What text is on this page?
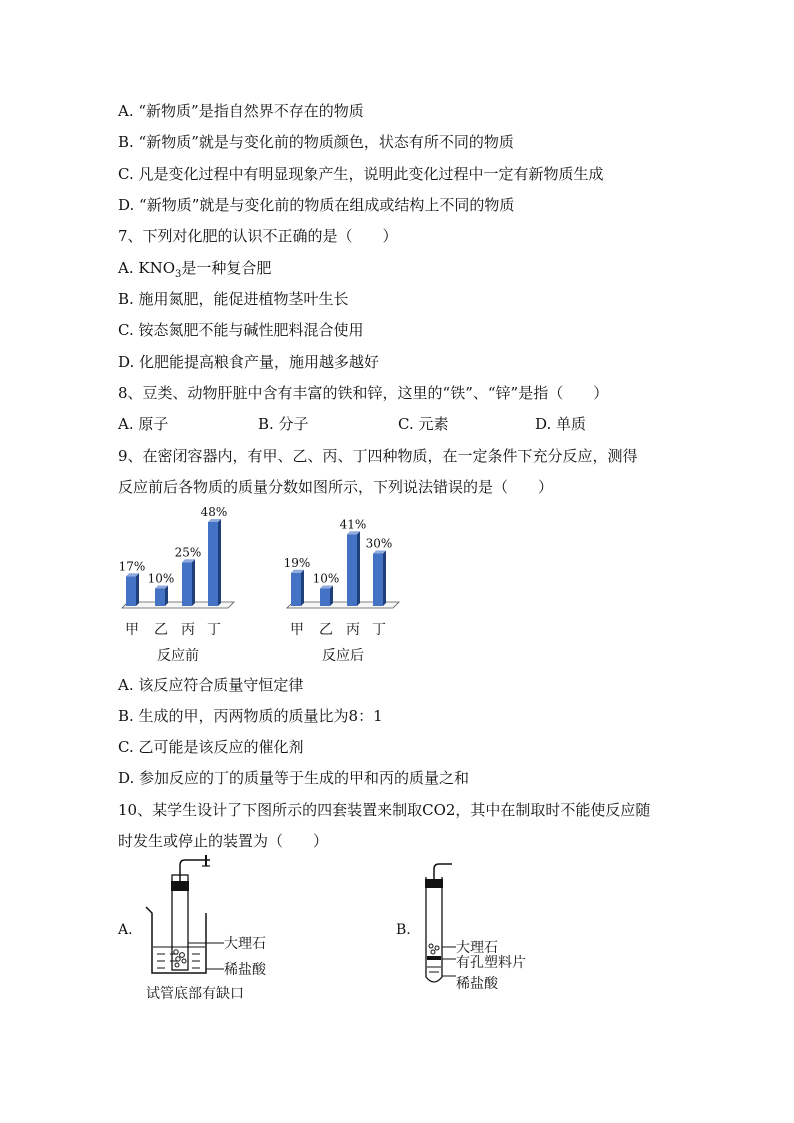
A. “新物质”是指自然界不存在的物质
B. “新物质”就是与变化前的物质颜色，状态有所不同的物质
C. 凡是变化过程中有明显现象产生，说明此变化过程中一定有新物质生成
D. “新物质”就是与变化前的物质在组成或结构上不同的物质
7、下列对化肥的认识不正确的是（　　）
A. $KNO_3$是一种复合肥
B. 施用氮肥，能促进植物茎叶生长
C. 铵态氮肥不能与碱性肥料混合使用
D. 化肥能提高粮食产量，施用越多越好
8、豆类、动物肝脏中含有丰富的铁和锌，这里的“铁”、“锌”是指（　　）
A. 原子	B. 分子	C. 元素	D. 单质
9、在密闭容器内，有甲、乙、丙、丁四种物质，在一定条件下充分反应，测得
反应前后各物质的质量分数如图所示，下列说法错误的是（　　）
17%
甲
10%
乙
25%
丙
48%
丁
反应前
19%
甲
10%
乙
41%
丙
30%
丁
反应后
A. 该反应符合质量守恒定律
B. 生成的甲，丙两物质的质量比为8：1
C. 乙可能是该反应的催化剂
D. 参加反应的丁的质量等于生成的甲和丙的质量之和
10、某学生设计了下图所示的四套装置来制取CO2，其中在制取时不能使反应随
时发生或停止的装置为（　　）
A.
大理石
稀盐酸
试管底部有缺口
B.
大理石
有孔塑料片
稀盐酸
